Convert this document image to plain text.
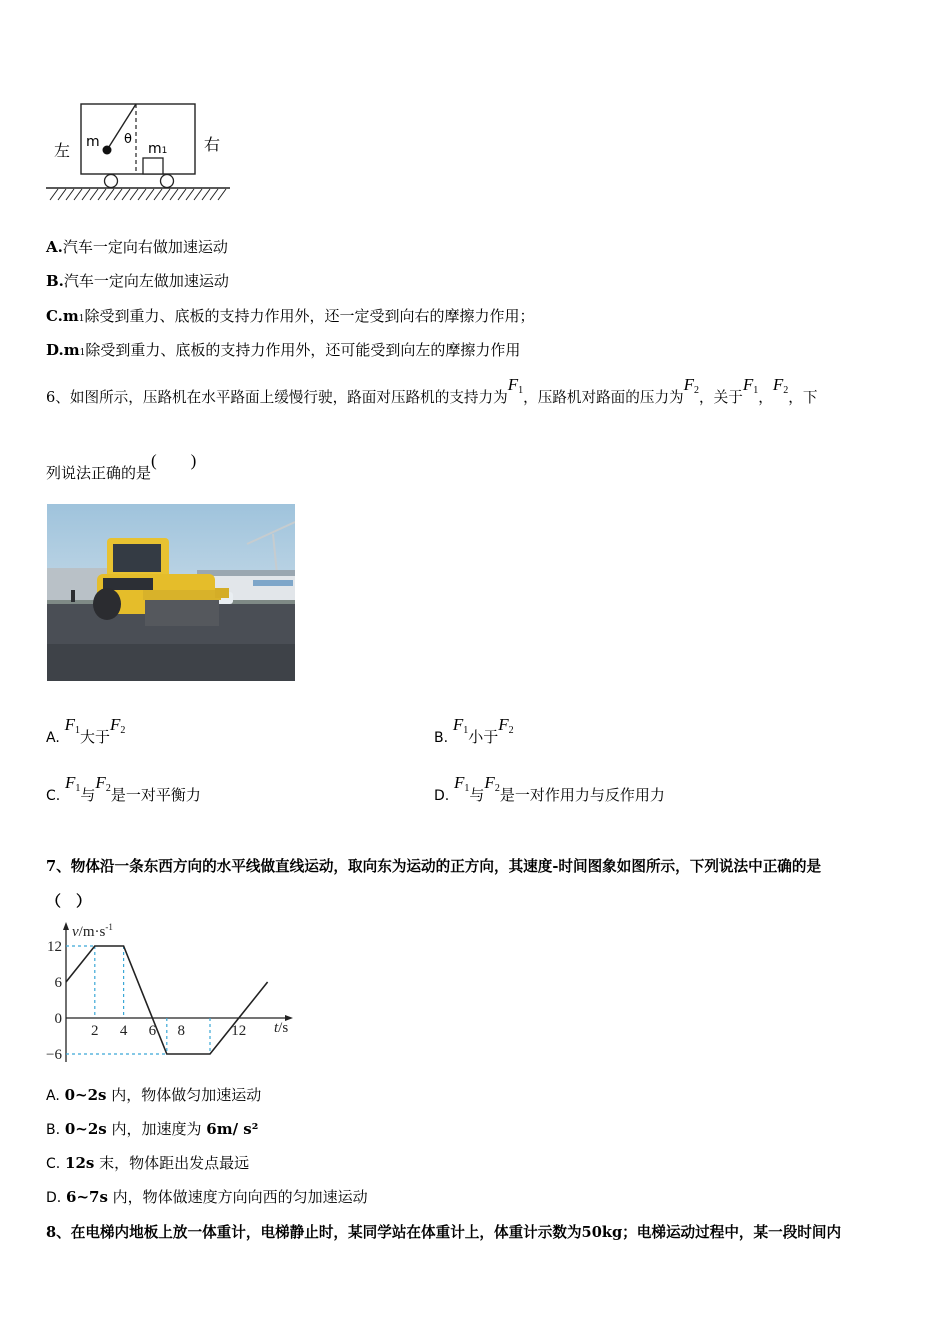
左	右
m θ
m1
A.汽车一定向右做加速运动
B.汽车一定向左做加速运动
C.m1除受到重力、底板的支持力作用外，还一定受到向右的摩擦力作用；
D.m1除受到重力、底板的支持力作用外，还可能受到向左的摩擦力作用
6、如图所示，压路机在水平路面上缓慢行驶，路面对压路机的支持力为$F_1$，压路机对路面的压力为$F_2$，关于$F_1$，$F_2$，下
列说法正确的是(　　)
A. $F_1$大于$F_2$	B. $F_1$小于$F_2$
C. $F_1$与$F_2$是一对平衡力	D. $F_1$与$F_2$是一对作用力与反作用力
7、物体沿一条东西方向的水平线做直线运动，取向东为运动的正方向，其速度-时间图象如图所示，下列说法中正确的是
（　）
2 4 6 8	12
12
6
0
−6
$v/m\cdot s^{-1}$
t/s
A. 0~2s 内，物体做匀加速运动
B. 0~2s 内，加速度为 6m/ s²
C. 12s 末，物体距出发点最远
D. 6~7s 内，物体做速度方向向西的匀加速运动
8、在电梯内地板上放一体重计，电梯静止时，某同学站在体重计上，体重计示数为50kg；电梯运动过程中，某一段时间内
